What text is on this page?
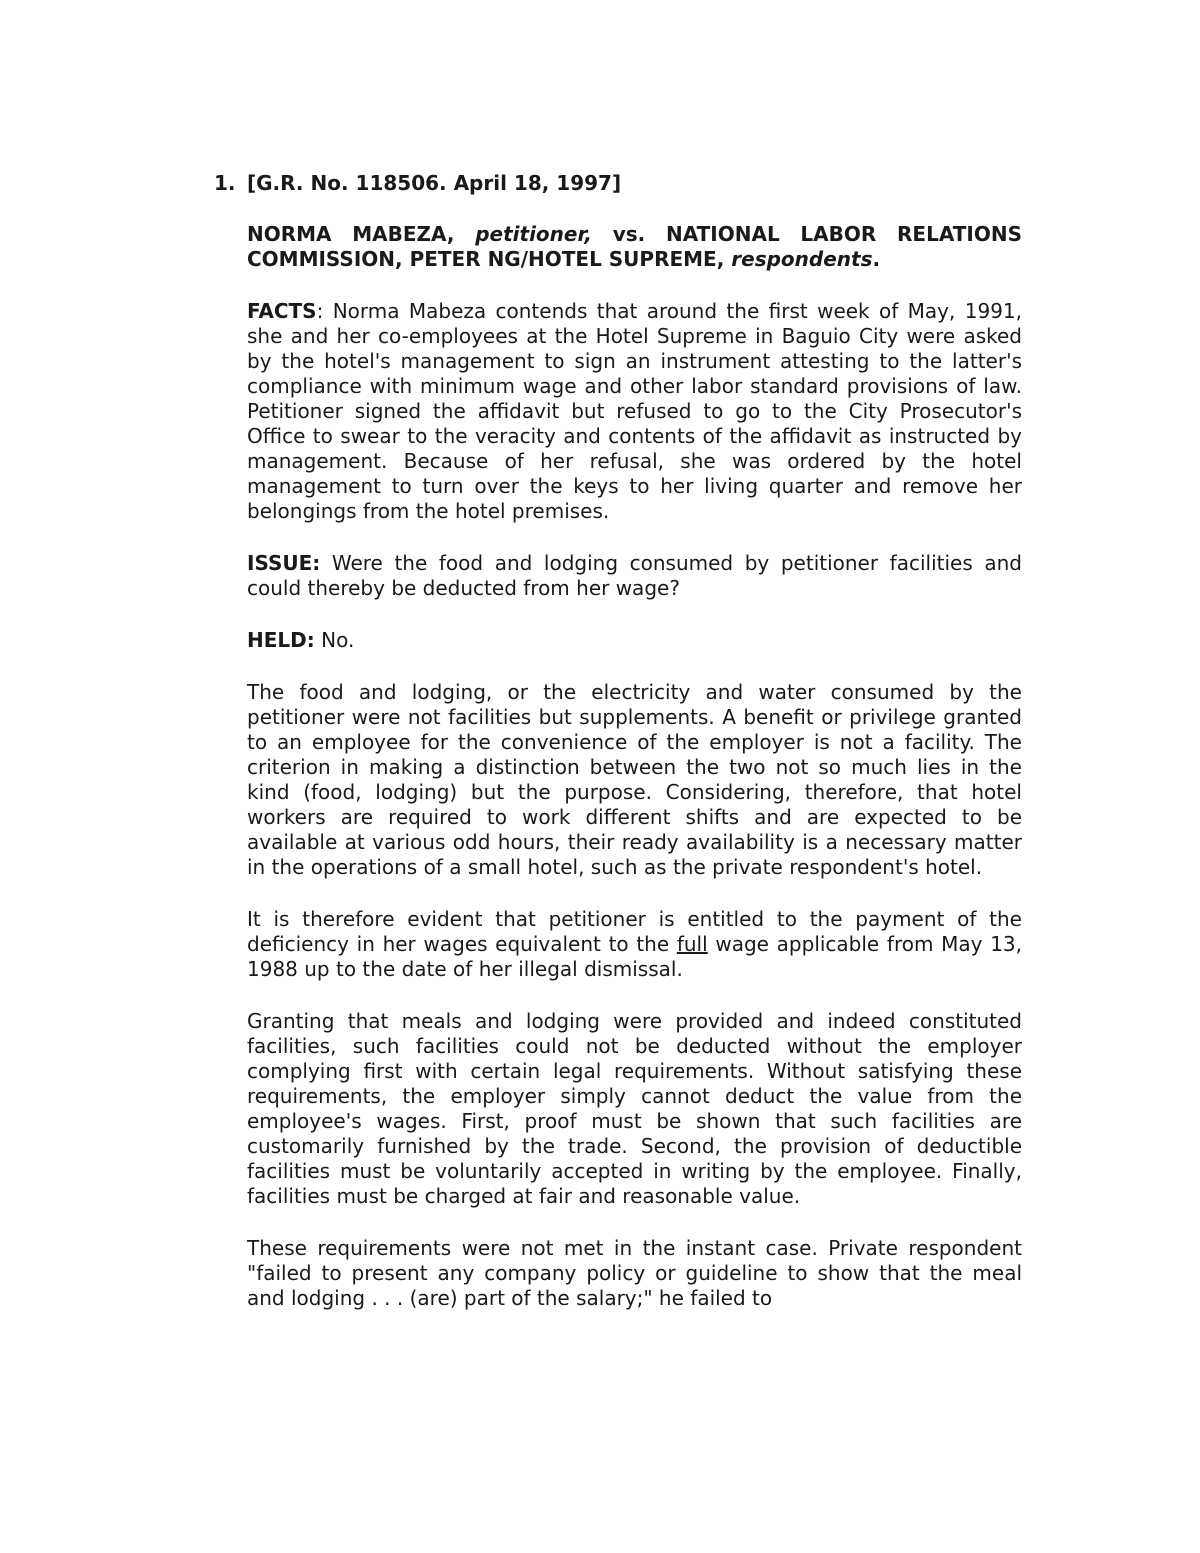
1. [G.R. No. 118506. April 18, 1997]

NORMA MABEZA, petitioner, vs. NATIONAL LABOR RELATIONS COMMISSION, PETER NG/HOTEL SUPREME, respondents.

FACTS: Norma Mabeza contends that around the first week of May, 1991, she and her co-employees at the Hotel Supreme in Baguio City were asked by the hotel's management to sign an instrument attesting to the latter's compliance with minimum wage and other labor standard provisions of law. Petitioner signed the affidavit but refused to go to the City Prosecutor's Office to swear to the veracity and contents of the affidavit as instructed by management. Because of her refusal, she was ordered by the hotel management to turn over the keys to her living quarter and remove her belongings from the hotel premises.

ISSUE: Were the food and lodging consumed by petitioner facilities and could thereby be deducted from her wage?

HELD: No.

The food and lodging, or the electricity and water consumed by the petitioner were not facilities but supplements. A benefit or privilege granted to an employee for the convenience of the employer is not a facility. The criterion in making a distinction between the two not so much lies in the kind (food, lodging) but the purpose. Considering, therefore, that hotel workers are required to work different shifts and are expected to be available at various odd hours, their ready availability is a necessary matter in the operations of a small hotel, such as the private respondent's hotel.

It is therefore evident that petitioner is entitled to the payment of the deficiency in her wages equivalent to the full wage applicable from May 13, 1988 up to the date of her illegal dismissal.

Granting that meals and lodging were provided and indeed constituted facilities, such facilities could not be deducted without the employer complying first with certain legal requirements. Without satisfying these requirements, the employer simply cannot deduct the value from the employee's wages. First, proof must be shown that such facilities are customarily furnished by the trade. Second, the provision of deductible facilities must be voluntarily accepted in writing by the employee. Finally, facilities must be charged at fair and reasonable value.

These requirements were not met in the instant case. Private respondent "failed to present any company policy or guideline to show that the meal and lodging . . . (are) part of the salary;" he failed to
